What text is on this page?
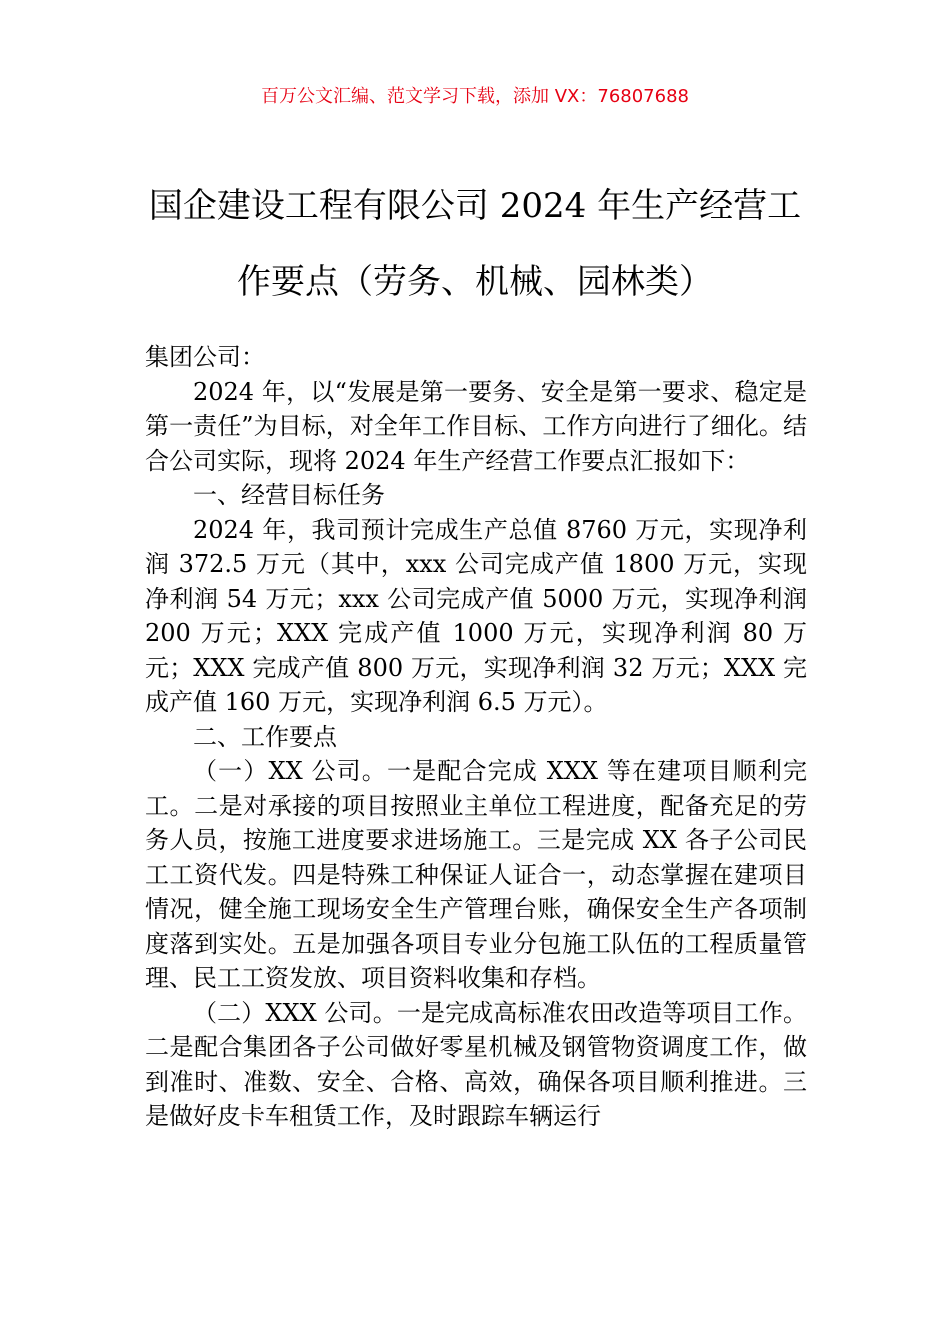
百万公文汇编、范文学习下载，添加 VX：76807688
国企建设工程有限公司 2024 年生产经营工
作要点（劳务、机械、园林类）

集团公司：

2024 年，以“发展是第一要务、安全是第一要求、稳定是第一责任”为目标，对全年工作目标、工作方向进行了细化。结合公司实际，现将 2024 年生产经营工作要点汇报如下：

一、经营目标任务

2024 年，我司预计完成生产总值 8760 万元，实现净利润 372.5 万元（其中，xxx 公司完成产值 1800 万元，实现净利润 54 万元；xxx 公司完成产值 5000 万元，实现净利润 200 万元；XXX 完成产值 1000 万元，实现净利润 80 万元；XXX 完成产值 800 万元，实现净利润 32 万元；XXX 完成产值 160 万元，实现净利润 6.5 万元）。

二、工作要点

（一）XX 公司。一是配合完成 XXX 等在建项目顺利完工。二是对承接的项目按照业主单位工程进度，配备充足的劳务人员，按施工进度要求进场施工。三是完成 XX 各子公司民工工资代发。四是特殊工种保证人证合一，动态掌握在建项目情况，健全施工现场安全生产管理台账，确保安全生产各项制度落到实处。五是加强各项目专业分包施工队伍的工程质量管理、民工工资发放、项目资料收集和存档。

（二）XXX 公司。一是完成高标准农田改造等项目工作。二是配合集团各子公司做好零星机械及钢管物资调度工作，做到准时、准数、安全、合格、高效，确保各项目顺利推进。三是做好皮卡车租赁工作，及时跟踪车辆运行
